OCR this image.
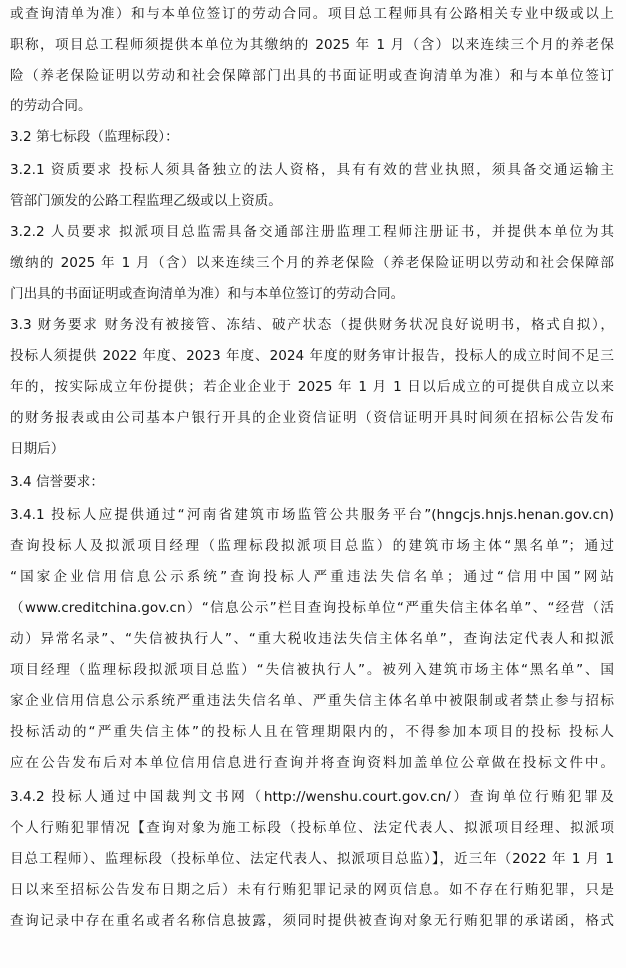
或查询清单为准）和与本单位签订的劳动合同。项目总工程师具有公路相关专业中级或以上
职称，项目总工程师须提供本单位为其缴纳的 2025 年 1 月（含）以来连续三个月的养老保
险（养老保险证明以劳动和社会保障部门出具的书面证明或查询清单为准）和与本单位签订
的劳动合同。
3.2 第七标段（监理标段）：
3.2.1 资质要求 投标人须具备独立的法人资格，具有有效的营业执照，须具备交通运输主
管部门颁发的公路工程监理乙级或以上资质。
3.2.2 人员要求 拟派项目总监需具备交通部注册监理工程师注册证书，并提供本单位为其
缴纳的 2025 年 1 月（含）以来连续三个月的养老保险（养老保险证明以劳动和社会保障部
门出具的书面证明或查询清单为准）和与本单位签订的劳动合同。
3.3 财务要求 财务没有被接管、冻结、破产状态（提供财务状况良好说明书，格式自拟），
投标人须提供 2022 年度、2023 年度、2024 年度的财务审计报告，投标人的成立时间不足三
年的，按实际成立年份提供；若企业企业于 2025 年 1 月 1 日以后成立的可提供自成立以来
的财务报表或由公司基本户银行开具的企业资信证明（资信证明开具时间须在招标公告发布
日期后）
3.4 信誉要求：
3.4.1 投标人应提供通过“河南省建筑市场监管公共服务平台”(hngcjs.hnjs.henan.gov.cn)
查询投标人及拟派项目经理（监理标段拟派项目总监）的建筑市场主体“黑名单”；通过
“国家企业信用信息公示系统”查询投标人严重违法失信名单；通过“信用中国”网站
（www.creditchina.gov.cn）“信息公示”栏目查询投标单位“严重失信主体名单”、“经营（活
动）异常名录”、“失信被执行人”、“重大税收违法失信主体名单”，查询法定代表人和拟派
项目经理（监理标段拟派项目总监）“失信被执行人”。被列入建筑市场主体“黑名单”、国
家企业信用信息公示系统严重违法失信名单、严重失信主体名单中被限制或者禁止参与招标
投标活动的“严重失信主体”的投标人且在管理期限内的，不得参加本项目的投标 投标人
应在公告发布后对本单位信用信息进行查询并将查询资料加盖单位公章做在投标文件中。
3.4.2 投标人通过中国裁判文书网（http://wenshu.court.gov.cn/）查询单位行贿犯罪及
个人行贿犯罪情况【查询对象为施工标段（投标单位、法定代表人、拟派项目经理、拟派项
目总工程师）、监理标段（投标单位、法定代表人、拟派项目总监）】，近三年（2022 年 1 月 1
日以来至招标公告发布日期之后）未有行贿犯罪记录的网页信息。如不存在行贿犯罪，只是
查询记录中存在重名或者名称信息披露，须同时提供被查询对象无行贿犯罪的承诺函，格式
